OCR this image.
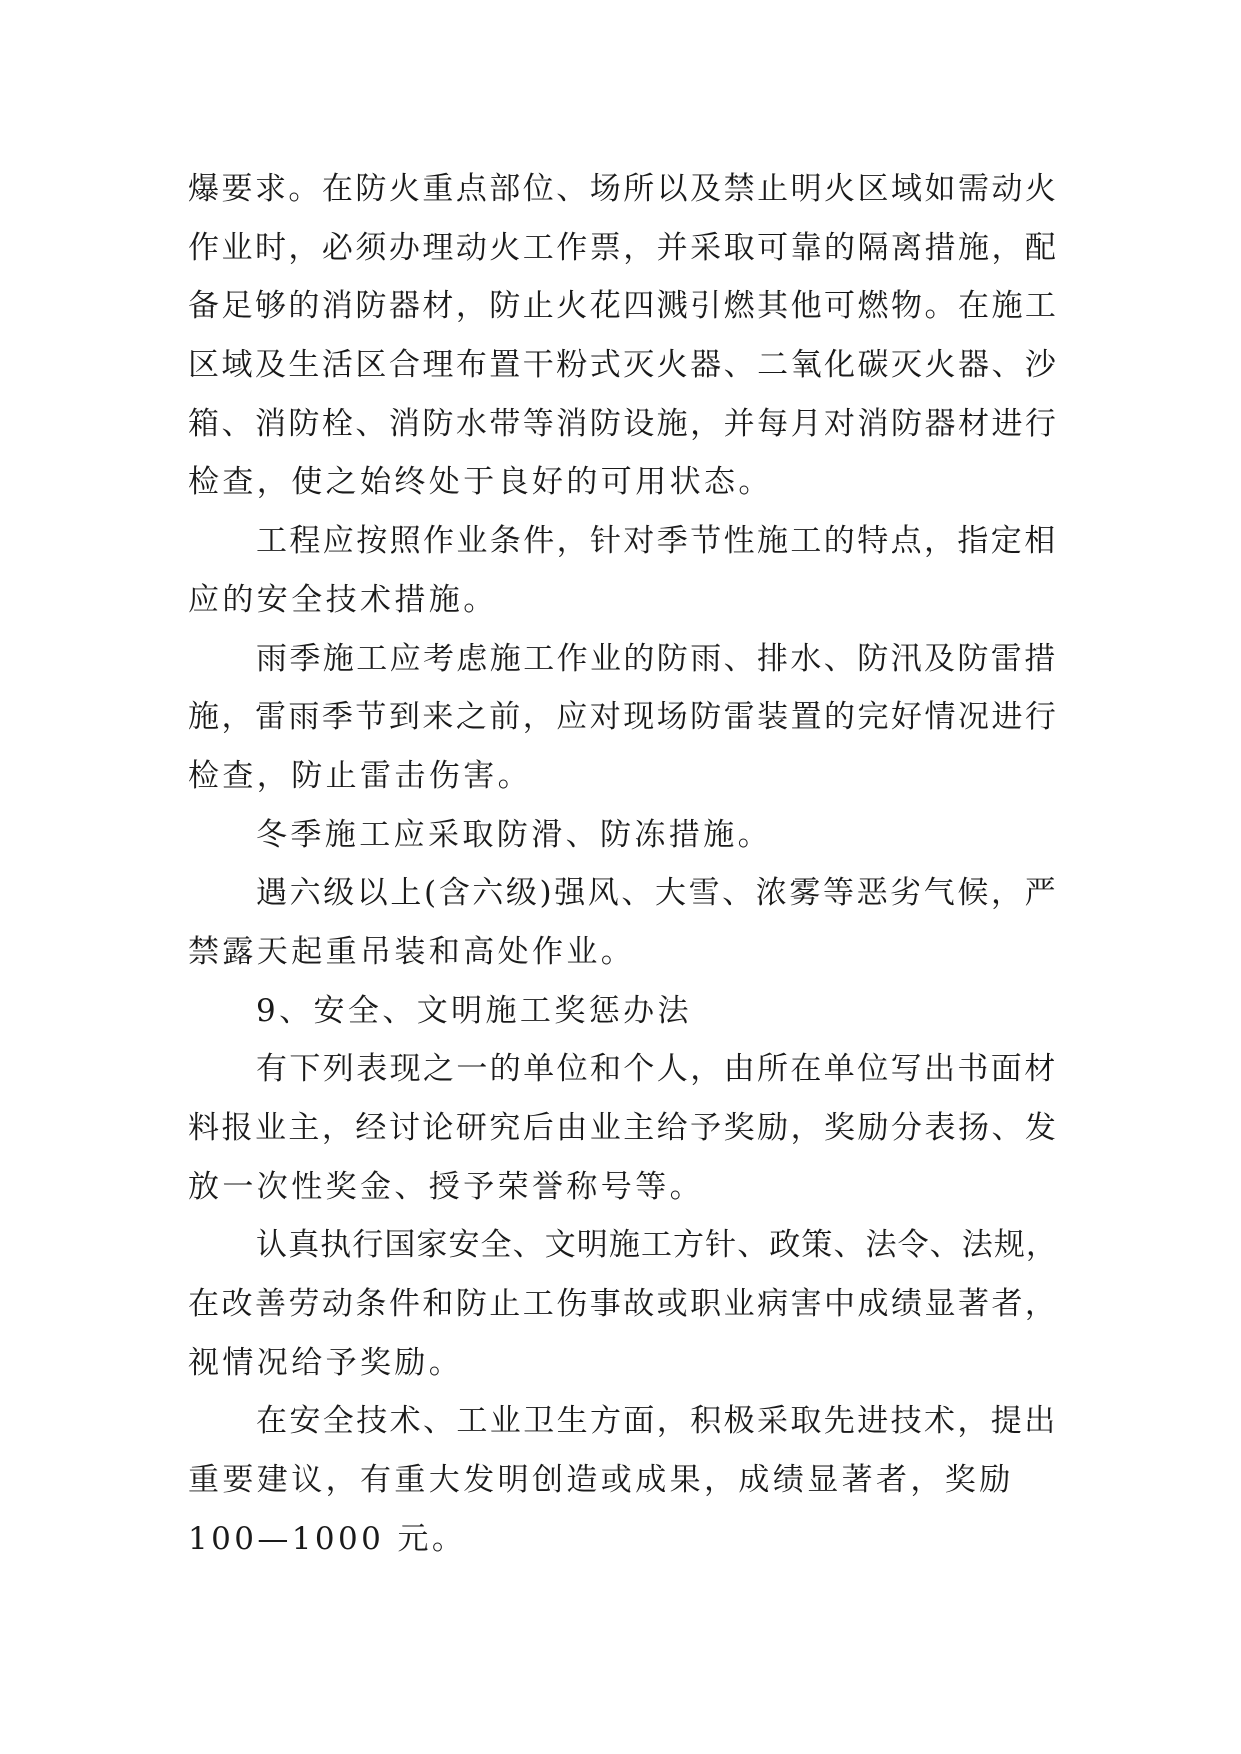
爆要求。在防火重点部位、场所以及禁止明火区域如需动火
作业时，必须办理动火工作票，并采取可靠的隔离措施，配
备足够的消防器材，防止火花四溅引燃其他可燃物。在施工
区域及生活区合理布置干粉式灭火器、二氧化碳灭火器、沙
箱、消防栓、消防水带等消防设施，并每月对消防器材进行
检查，使之始终处于良好的可用状态。
工程应按照作业条件，针对季节性施工的特点，指定相
应的安全技术措施。
雨季施工应考虑施工作业的防雨、排水、防汛及防雷措
施，雷雨季节到来之前，应对现场防雷装置的完好情况进行
检查，防止雷击伤害。
冬季施工应采取防滑、防冻措施。
遇六级以上(含六级)强风、大雪、浓雾等恶劣气候，严
禁露天起重吊装和高处作业。
9、安全、文明施工奖惩办法
有下列表现之一的单位和个人，由所在单位写出书面材
料报业主，经讨论研究后由业主给予奖励，奖励分表扬、发
放一次性奖金、授予荣誉称号等。
认真执行国家安全、文明施工方针、政策、法令、法规，
在改善劳动条件和防止工伤事故或职业病害中成绩显著者，
视情况给予奖励。
在安全技术、工业卫生方面，积极采取先进技术，提出
重要建议，有重大发明创造或成果，成绩显著者，奖励
100—1000 元。
